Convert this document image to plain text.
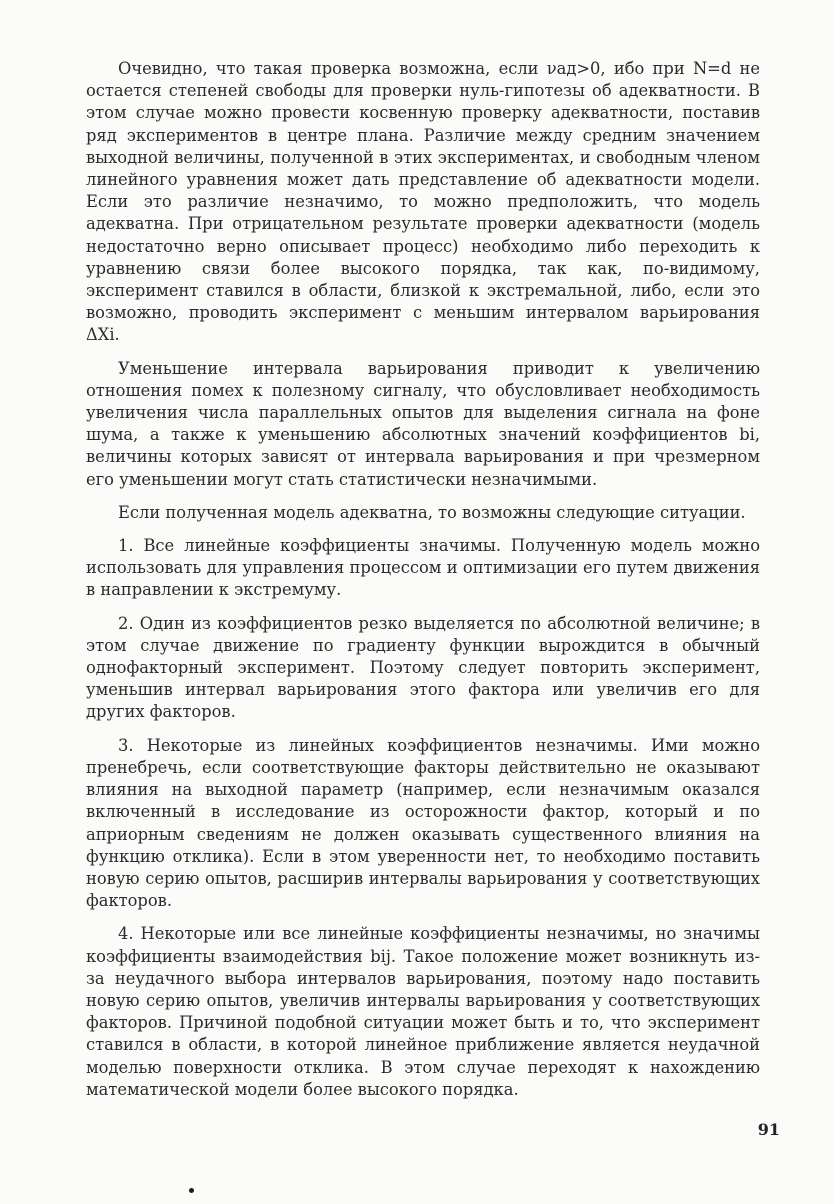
Очевидно, что такая проверка возможна, если νад>0, ибо при N=d не остается степеней свободы для проверки нуль-гипотезы об адекватности. В этом случае можно провести косвенную проверку адекватности, поставив ряд экспериментов в центре плана. Различие между средним значением выходной величины, полученной в этих экспериментах, и свободным членом линейного уравнения может дать представление об адекватности модели. Если это различие незначимо, то можно предположить, что модель адекватна. При отрицательном результате проверки адекватности (модель недостаточно верно описывает процесс) необходимо либо переходить к уравнению связи более высокого порядка, так как, по-видимому, эксперимент ставился в области, близкой к экстремальной, либо, если это возможно, проводить эксперимент с меньшим интервалом варьирования ΔXi.

Уменьшение интервала варьирования приводит к увеличению отношения помех к полезному сигналу, что обусловливает необходимость увеличения числа параллельных опытов для выделения сигнала на фоне шума, а также к уменьшению абсолютных значений коэффициентов bi, величины которых зависят от интервала варьирования и при чрезмерном его уменьшении могут стать статистически незначимыми.

Если полученная модель адекватна, то возможны следующие ситуации.

1. Все линейные коэффициенты значимы. Полученную модель можно использовать для управления процессом и оптимизации его путем движения в направлении к экстремуму.

2. Один из коэффициентов резко выделяется по абсолютной величине; в этом случае движение по градиенту функции вырождится в обычный однофакторный эксперимент. Поэтому следует повторить эксперимент, уменьшив интервал варьирования этого фактора или увеличив его для других факторов.

3. Некоторые из линейных коэффициентов незначимы. Ими можно пренебречь, если соответствующие факторы действительно не оказывают влияния на выходной параметр (например, если незначимым оказался включенный в исследование из осторожности фактор, который и по априорным сведениям не должен оказывать существенного влияния на функцию отклика). Если в этом уверенности нет, то необходимо поставить новую серию опытов, расширив интервалы варьирования у соответствующих факторов.

4. Некоторые или все линейные коэффициенты незначимы, но значимы коэффициенты взаимодействия bij. Такое положение может возникнуть из-за неудачного выбора интервалов варьирования, поэтому надо поставить новую серию опытов, увеличив интервалы варьирования у соответствующих факторов. Причиной подобной ситуации может быть и то, что эксперимент ставился в области, в которой линейное приближение является неудачной моделью поверхности отклика. В этом случае переходят к нахождению математической модели более высокого порядка.

91
